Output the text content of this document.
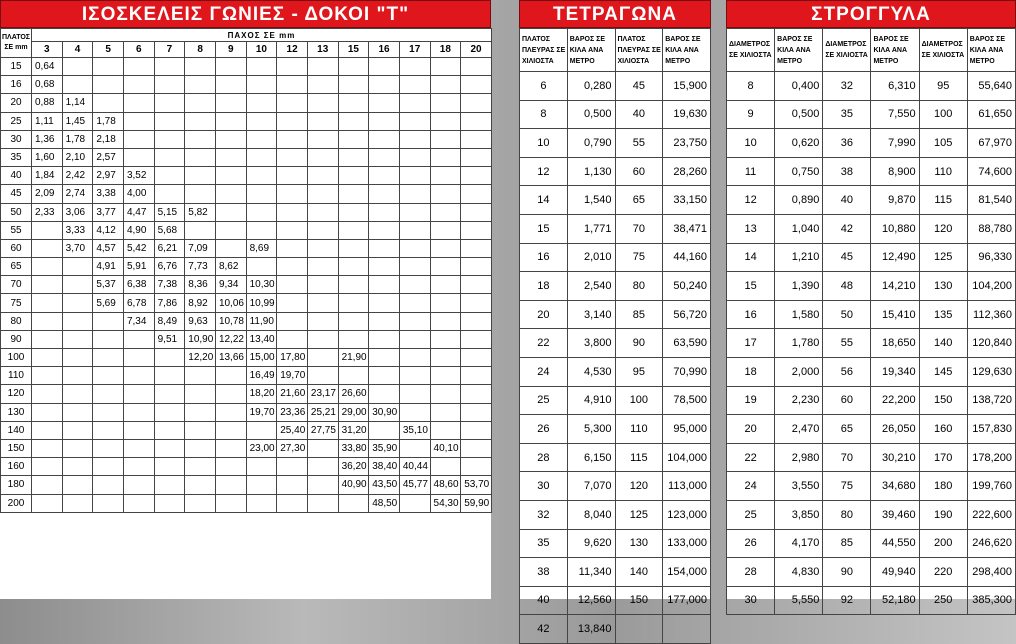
ΙΣΟΣΚΕΛΕΙΣ ΓΩΝΙΕΣ - ΔΟΚΟΙ "T"
ΠΛΑΤΟΣ ΣΕ mm	ΠΑΧΟΣ ΣΕ mm														
	3	4	5	6	7	8	9	10	12	13	15	16	17	18	20
15	0,64														
16	0,68														
20	0,88	1,14													
25	1,11	1,45	1,78												
30	1,36	1,78	2,18												
35	1,60	2,10	2,57												
40	1,84	2,42	2,97	3,52											
45	2,09	2,74	3,38	4,00											
50	2,33	3,06	3,77	4,47	5,15	5,82									
55		3,33	4,12	4,90	5,68										
60		3,70	4,57	5,42	6,21	7,09		8,69							
65			4,91	5,91	6,76	7,73	8,62								
70			5,37	6,38	7,38	8,36	9,34	10,30							
75			5,69	6,78	7,86	8,92	10,06	10,99							
80				7,34	8,49	9,63	10,78	11,90							
90					9,51	10,90	12,22	13,40							
100						12,20	13,66	15,00	17,80		21,90				
110								16,49	19,70						
120								18,20	21,60	23,17	26,60				
130								19,70	23,36	25,21	29,00	30,90			
140									25,40	27,75	31,20		35,10		
150								23,00	27,30		33,80	35,90		40,10	
160											36,20	38,40	40,44		
180											40,90	43,50	45,77	48,60	53,70
200												48,50		54,30	59,90
ΤΕΤΡΑΓΩΝΑ
ΠΛΑΤΟΣ ΠΛΕΥΡΑΣ ΣΕ ΧΙΛΙΟΣΤΑ	ΒΑΡΟΣ ΣΕ ΚΙΛΑ ΑΝΑ ΜΕΤΡΟ	ΠΛΑΤΟΣ ΠΛΕΥΡΑΣ ΣΕ ΧΙΛΙΟΣΤΑ	ΒΑΡΟΣ ΣΕ ΚΙΛΑ ΑΝΑ ΜΕΤΡΟ
6	0,280	45	15,900
8	0,500	40	19,630
10	0,790	55	23,750
12	1,130	60	28,260
14	1,540	65	33,150
15	1,771	70	38,471
16	2,010	75	44,160
18	2,540	80	50,240
20	3,140	85	56,720
22	3,800	90	63,590
24	4,530	95	70,990
25	4,910	100	78,500
26	5,300	110	95,000
28	6,150	115	104,000
30	7,070	120	113,000
32	8,040	125	123,000
35	9,620	130	133,000
38	11,340	140	154,000
40	12,560	150	177,000
42	13,840		
ΣΤΡΟΓΓΥΛΑ
ΔΙΑΜΕΤΡΟΣ ΣΕ ΧΙΛΙΟΣΤΑ	ΒΑΡΟΣ ΣΕ ΚΙΛΑ ΑΝΑ ΜΕΤΡΟ	ΔΙΑΜΕΤΡΟΣ ΣΕ ΧΙΛΙΟΣΤΑ	ΒΑΡΟΣ ΣΕ ΚΙΛΑ ΑΝΑ ΜΕΤΡΟ	ΔΙΑΜΕΤΡΟΣ ΣΕ ΧΙΛΙΟΣΤΑ	ΒΑΡΟΣ ΣΕ ΚΙΛΑ ΑΝΑ ΜΕΤΡΟ
8	0,400	32	6,310	95	55,640
9	0,500	35	7,550	100	61,650
10	0,620	36	7,990	105	67,970
11	0,750	38	8,900	110	74,600
12	0,890	40	9,870	115	81,540
13	1,040	42	10,880	120	88,780
14	1,210	45	12,490	125	96,330
15	1,390	48	14,210	130	104,200
16	1,580	50	15,410	135	112,360
17	1,780	55	18,650	140	120,840
18	2,000	56	19,340	145	129,630
19	2,230	60	22,200	150	138,720
20	2,470	65	26,050	160	157,830
22	2,980	70	30,210	170	178,200
24	3,550	75	34,680	180	199,760
25	3,850	80	39,460	190	222,600
26	4,170	85	44,550	200	246,620
28	4,830	90	49,940	220	298,400
30	5,550	92	52,180	250	385,300
